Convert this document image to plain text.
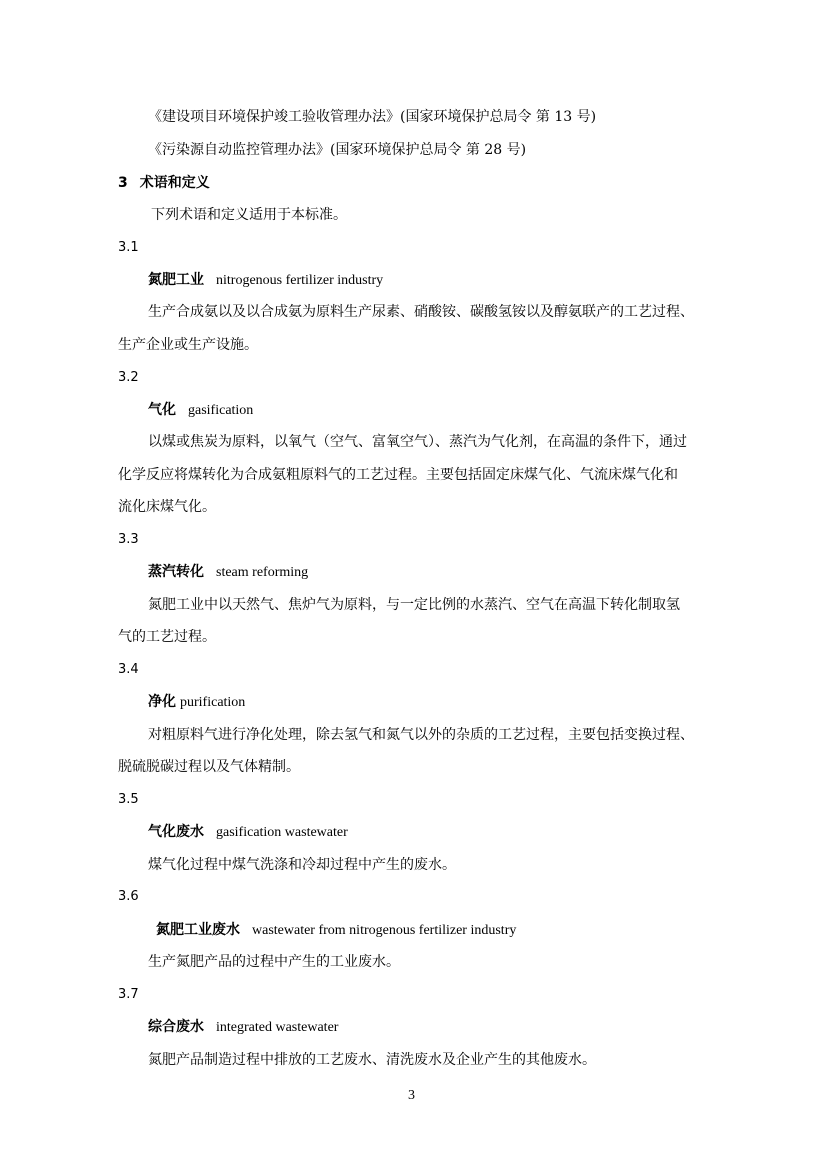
《建设项目环境保护竣工验收管理办法》(国家环境保护总局令 第 13 号)
《污染源自动监控管理办法》(国家环境保护总局令 第 28 号)
3 术语和定义
下列术语和定义适用于本标准。
3.1
氮肥工业 nitrogenous fertilizer industry
生产合成氨以及以合成氨为原料生产尿素、硝酸铵、碳酸氢铵以及醇氨联产的工艺过程、
生产企业或生产设施。
3.2
气化 gasification
以煤或焦炭为原料，以氧气（空气、富氧空气）、蒸汽为气化剂，在高温的条件下，通过
化学反应将煤转化为合成氨粗原料气的工艺过程。主要包括固定床煤气化、气流床煤气化和
流化床煤气化。
3.3
蒸汽转化 steam reforming
氮肥工业中以天然气、焦炉气为原料，与一定比例的水蒸汽、空气在高温下转化制取氢
气的工艺过程。
3.4
净化 purification
对粗原料气进行净化处理，除去氢气和氮气以外的杂质的工艺过程，主要包括变换过程、
脱硫脱碳过程以及气体精制。
3.5
气化废水 gasification wastewater
煤气化过程中煤气洗涤和冷却过程中产生的废水。
3.6
氮肥工业废水 wastewater from nitrogenous fertilizer industry
生产氮肥产品的过程中产生的工业废水。
3.7
综合废水 integrated wastewater
氮肥产品制造过程中排放的工艺废水、清洗废水及企业产生的其他废水。
3
